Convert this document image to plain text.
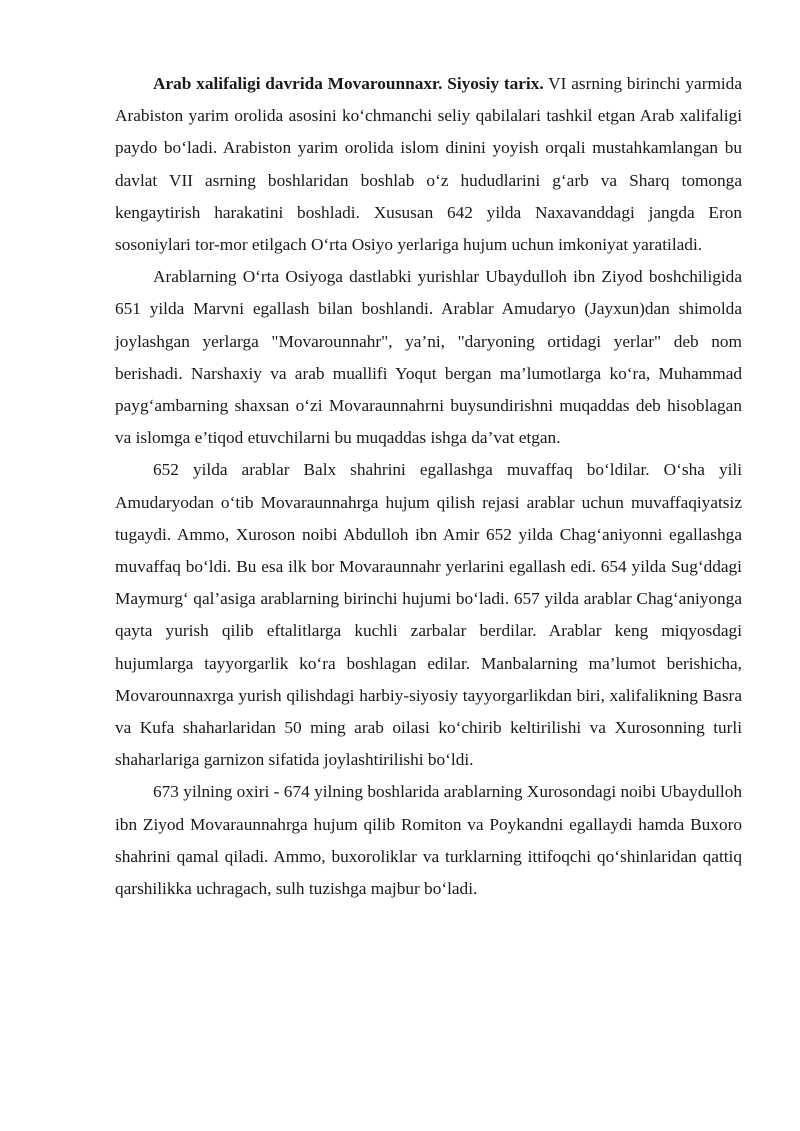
Arab xalifaligi davrida Movarounnaxr. Siyosiy tarix. VI asrning birinchi yarmida Arabiston yarim orolida asosini ko‘chmanchi seliy qabilalari tashkil etgan Arab xalifaligi paydo bo‘ladi. Arabiston yarim orolida islom dinini yoyish orqali mustahkamlangan bu davlat VII asrning boshlaridan boshlab o‘z hududlarini g‘arb va Sharq tomonga kengaytirish harakatini boshladi. Xususan 642 yilda Naxavanddagi jangda Eron sosoniylari tor-mor etilgach O‘rta Osiyo yerlariga hujum uchun imkoniyat yaratiladi.

Arablarning O‘rta Osiyoga dastlabki yurishlar Ubaydulloh ibn Ziyod boshchiligida 651 yilda Marvni egallash bilan boshlandi. Arablar Amudaryo (Jayxun)dan shimolda joylashgan yerlarga "Movarounnahr", ya’ni, "daryoning ortidagi yerlar" deb nom berishadi. Narshaxiy va arab muallifi Yoqut bergan ma’lumotlarga ko‘ra, Muhammad payg‘ambarning shaxsan o‘zi Movaraunnahrni buysundirishni muqaddas deb hisoblagan va islomga e’tiqod etuvchilarni bu muqaddas ishga da’vat etgan.

652 yilda arablar Balx shahrini egallashga muvaffaq bo‘ldilar. O‘sha yili Amudaryodan o‘tib Movaraunnahrga hujum qilish rejasi arablar uchun muvaffaqiyatsiz tugaydi. Ammo, Xuroson noibi Abdulloh ibn Amir 652 yilda Chag‘aniyonni egallashga muvaffaq bo‘ldi. Bu esa ilk bor Movaraunnahr yerlarini egallash edi. 654 yilda Sug‘ddagi Maymurg‘ qal’asiga arablarning birinchi hujumi bo‘ladi. 657 yilda arablar Chag‘aniyonga qayta yurish qilib eftalitlarga kuchli zarbalar berdilar. Arablar keng miqyosdagi hujumlarga tayyorgarlik ko‘ra boshlagan edilar. Manbalarning ma’lumot berishicha, Movarounnaxrga yurish qilishdagi harbiy-siyosiy tayyorgarlikdan biri, xalifalikning Basra va Kufa shaharlaridan 50 ming arab oilasi ko‘chirib keltirilishi va Xurosonning turli shaharlariga garnizon sifatida joylashtirilishi bo‘ldi.

673 yilning oxiri - 674 yilning boshlarida arablarning Xurosondagi noibi Ubaydulloh ibn Ziyod Movaraunnahrga hujum qilib Romiton va Poykandni egallaydi hamda Buxoro shahrini qamal qiladi. Ammo, buxoroliklar va turklarning ittifoqchi qo‘shinlaridan qattiq qarshilikka uchragach, sulh tuzishga majbur bo‘ladi.
